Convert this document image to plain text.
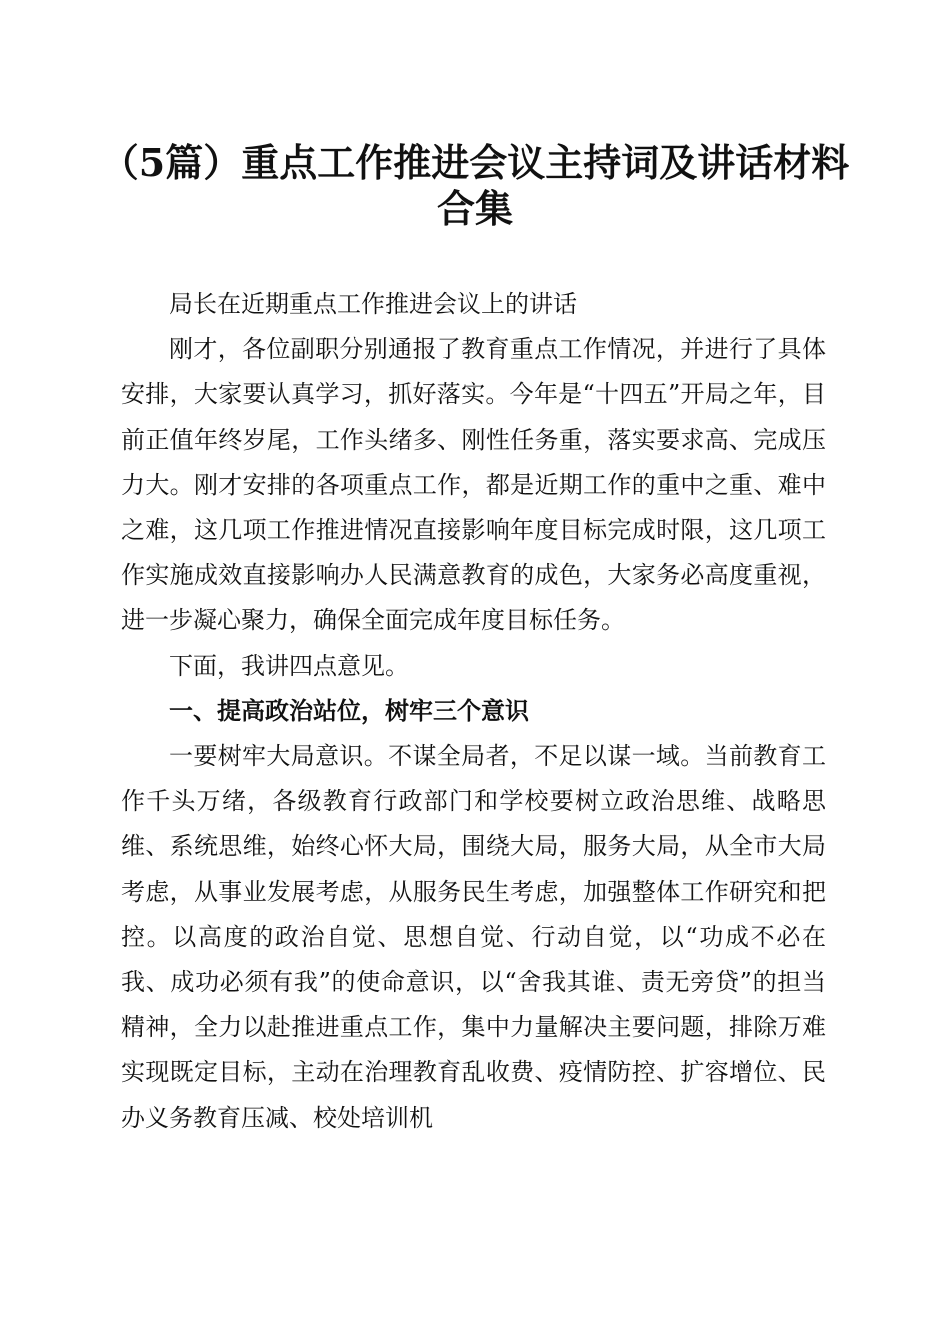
（5篇）重点工作推进会议主持词及讲话材料
合集

局长在近期重点工作推进会议上的讲话

刚才，各位副职分别通报了教育重点工作情况，并进行了具体安排，大家要认真学习，抓好落实。今年是“十四五”开局之年，目前正值年终岁尾，工作头绪多、刚性任务重，落实要求高、完成压力大。刚才安排的各项重点工作，都是近期工作的重中之重、难中之难，这几项工作推进情况直接影响年度目标完成时限，这几项工作实施成效直接影响办人民满意教育的成色，大家务必高度重视，进一步凝心聚力，确保全面完成年度目标任务。

下面，我讲四点意见。

一、提高政治站位，树牢三个意识

一要树牢大局意识。不谋全局者，不足以谋一域。当前教育工作千头万绪，各级教育行政部门和学校要树立政治思维、战略思维、系统思维，始终心怀大局，围绕大局，服务大局，从全市大局考虑，从事业发展考虑，从服务民生考虑，加强整体工作研究和把控。以高度的政治自觉、思想自觉、行动自觉，以“功成不必在我、成功必须有我”的使命意识，以“舍我其谁、责无旁贷”的担当精神，全力以赴推进重点工作，集中力量解决主要问题，排除万难实现既定目标，主动在治理教育乱收费、疫情防控、扩容增位、民办义务教育压减、校处培训机
